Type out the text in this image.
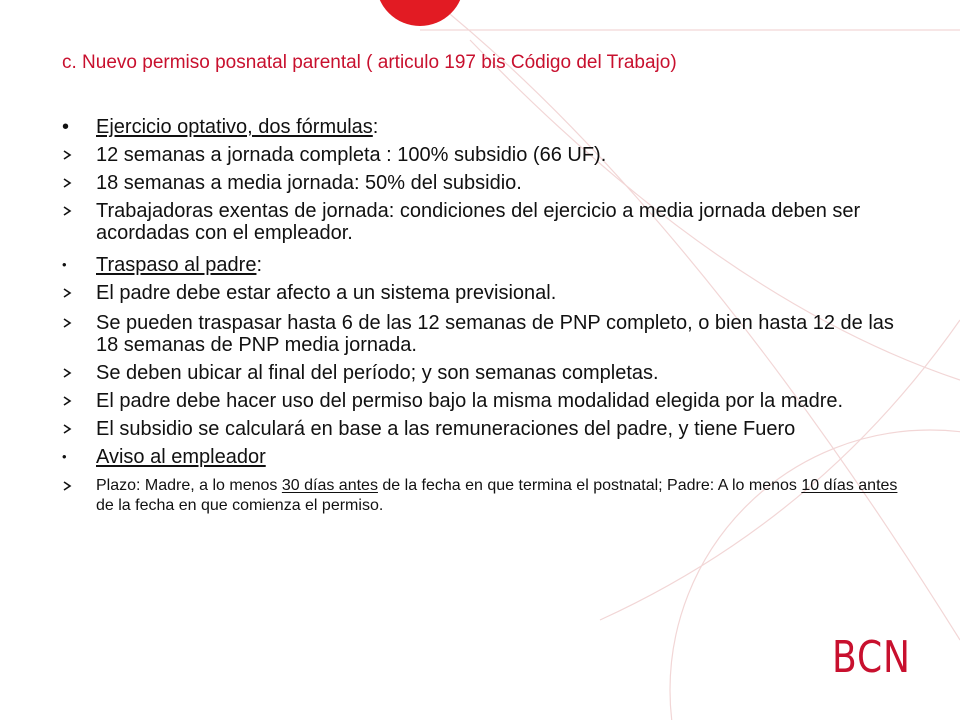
c. Nuevo permiso posnatal parental ( articulo 197 bis Código del Trabajo)
•	Ejercicio optativo, dos fórmulas:
12 semanas a jornada completa : 100% subsidio (66 UF).
18 semanas a media jornada: 50% del subsidio.
Trabajadoras exentas de jornada: condiciones del ejercicio a media jornada deben ser acordadas con el empleador.
•	Traspaso al padre:
El padre debe estar afecto a un sistema previsional.
Se pueden traspasar hasta 6 de las 12 semanas de PNP completo, o bien hasta 12 de las 18 semanas de PNP media jornada.
Se deben ubicar al final del período; y son semanas completas.
El padre debe hacer uso del permiso bajo la misma modalidad elegida por la madre.
El subsidio se calculará en base a las remuneraciones del padre, y tiene Fuero
•	Aviso al empleador
Plazo: Madre, a lo menos 30 días antes de la fecha en que termina el postnatal; Padre: A lo menos 10 días antes de la fecha en que comienza el permiso.
BCN
